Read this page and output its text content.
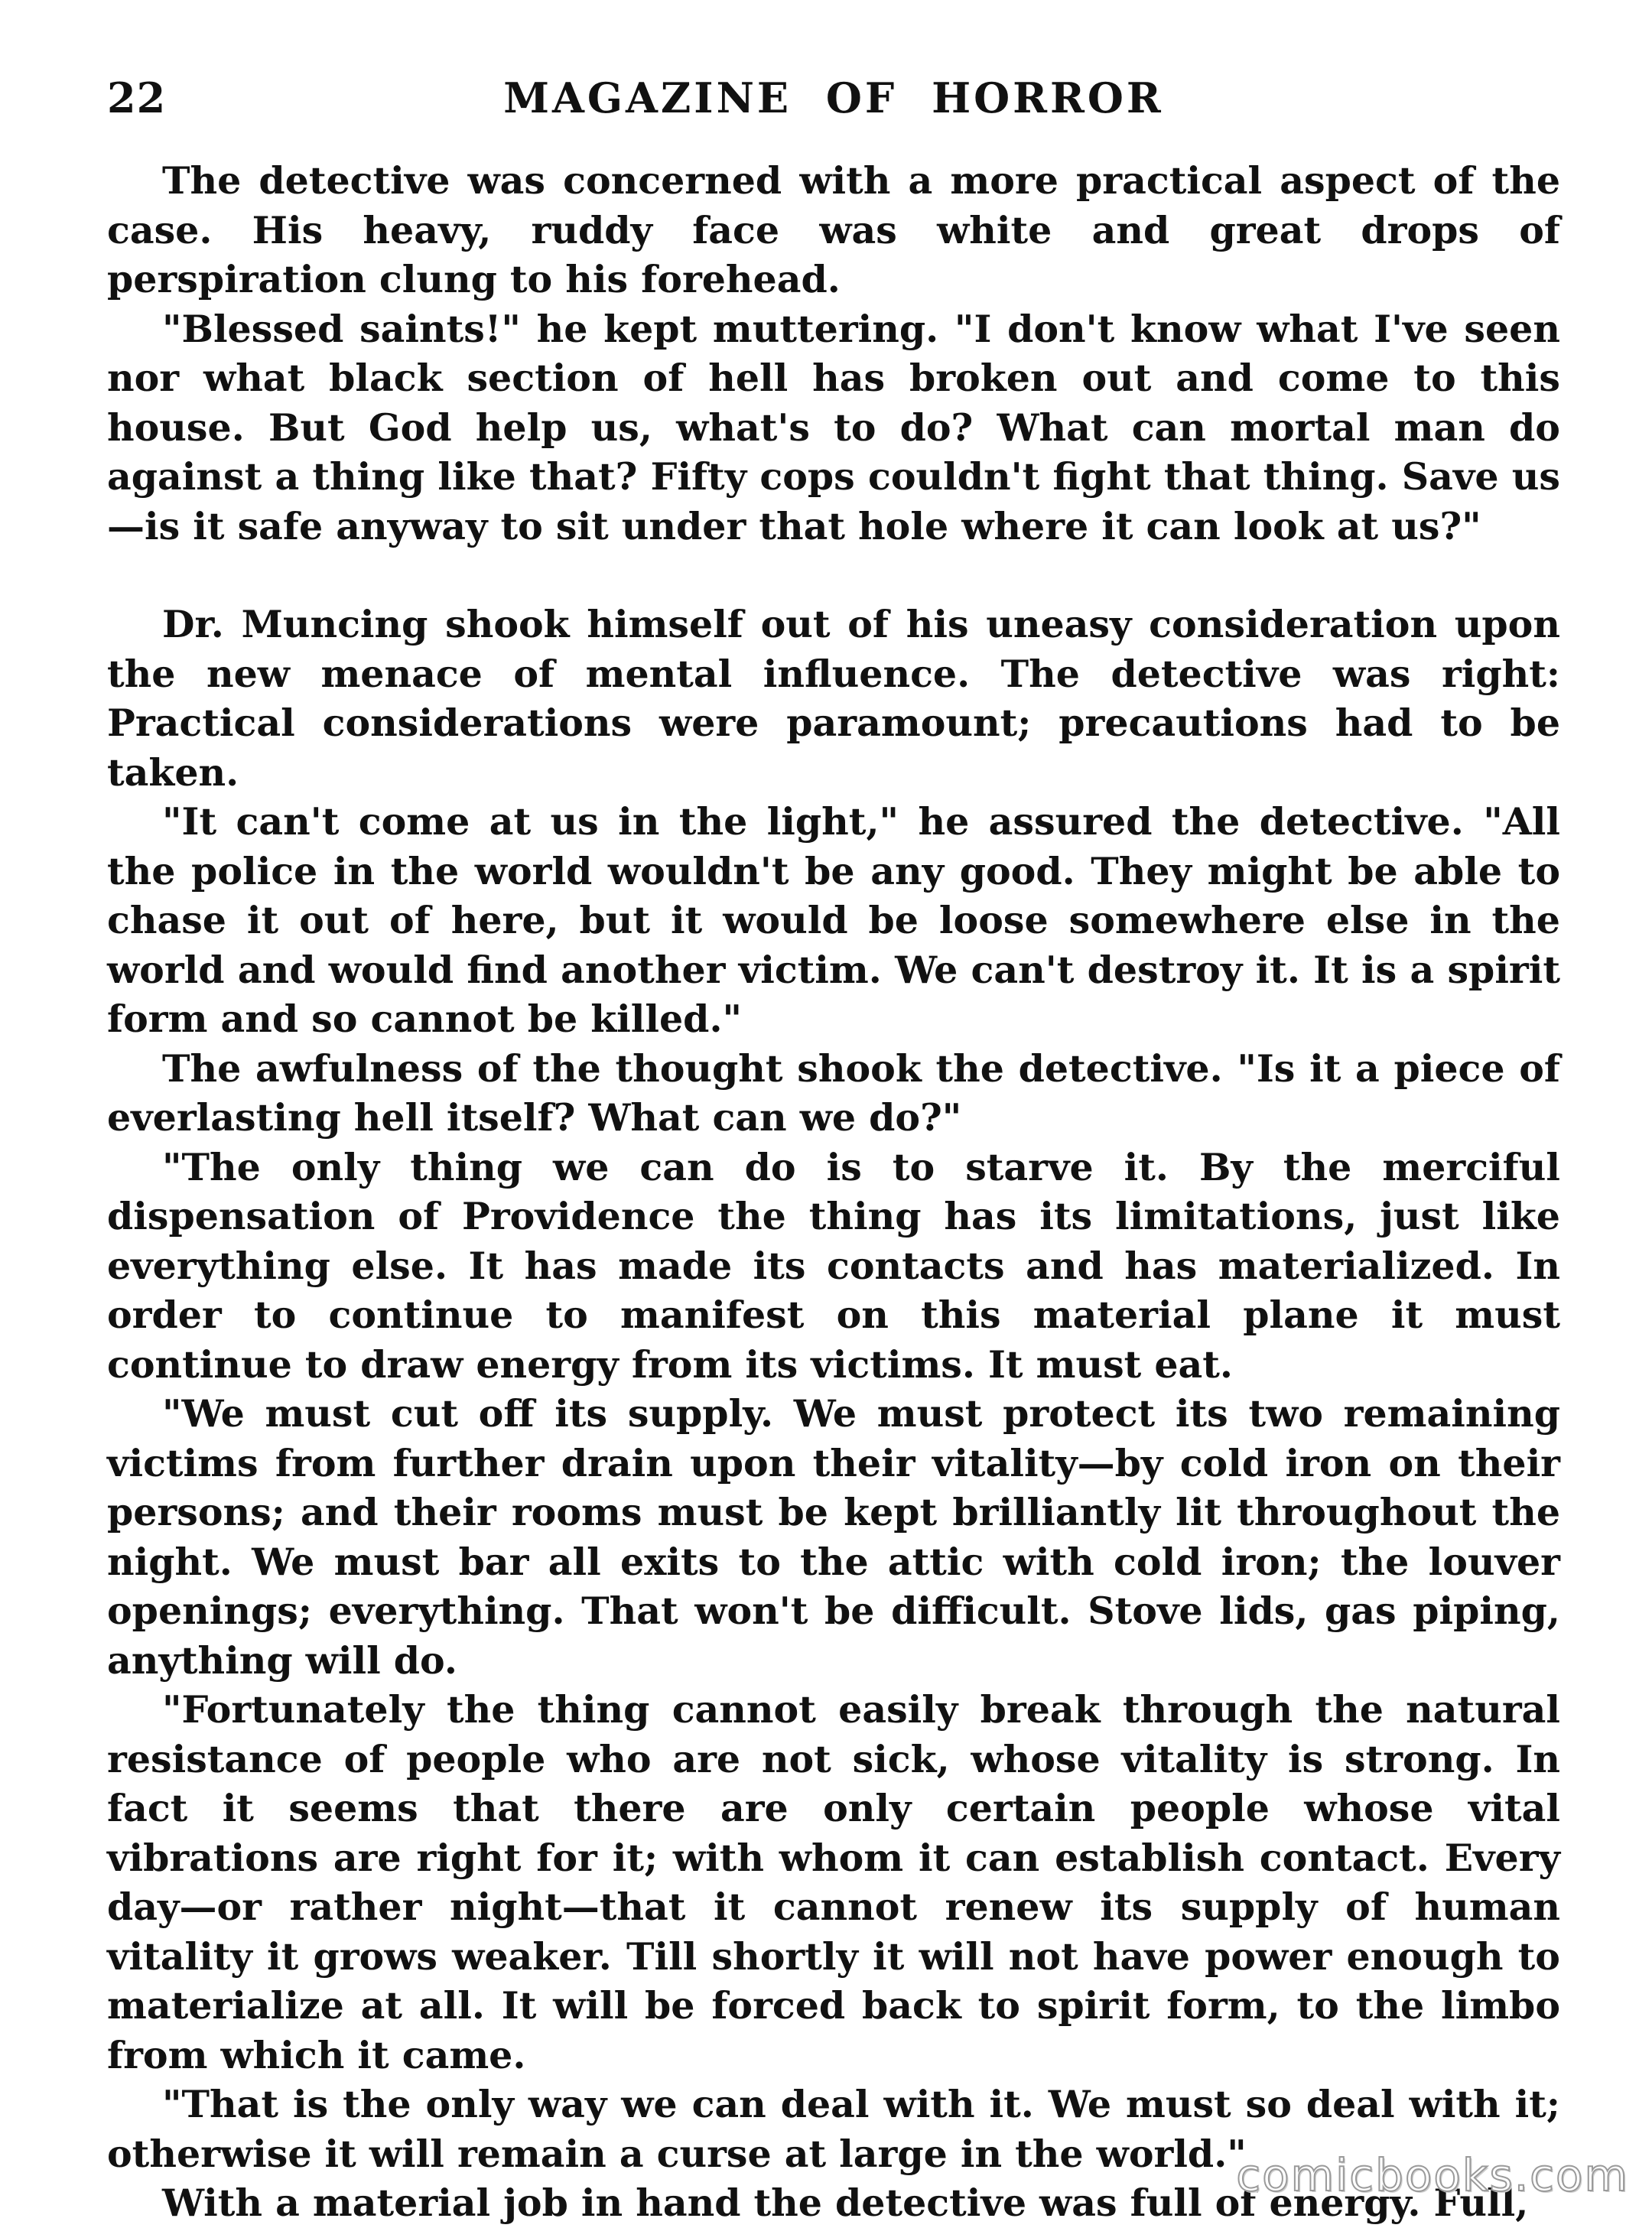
22	MAGAZINE OF HORROR

The detective was concerned with a more practical aspect of the case. His heavy, ruddy face was white and great drops of perspiration clung to his forehead.

"Blessed saints!" he kept muttering. "I don't know what I've seen nor what black section of hell has broken out and come to this house. But God help us, what's to do? What can mortal man do against a thing like that? Fifty cops couldn't fight that thing. Save us—is it safe anyway to sit under that hole where it can look at us?"

Dr. Muncing shook himself out of his uneasy consideration upon the new menace of mental influence. The detective was right: Practical considerations were paramount; precautions had to be taken.

"It can't come at us in the light," he assured the detective. "All the police in the world wouldn't be any good. They might be able to chase it out of here, but it would be loose somewhere else in the world and would find another victim. We can't destroy it. It is a spirit form and so cannot be killed."

The awfulness of the thought shook the detective. "Is it a piece of everlasting hell itself? What can we do?"

"The only thing we can do is to starve it. By the merciful dispensation of Providence the thing has its limitations, just like everything else. It has made its contacts and has materialized. In order to continue to manifest on this material plane it must continue to draw energy from its victims. It must eat.

"We must cut off its supply. We must protect its two remaining victims from further drain upon their vitality—by cold iron on their persons; and their rooms must be kept brilliantly lit throughout the night. We must bar all exits to the attic with cold iron; the louver openings; everything. That won't be difficult. Stove lids, gas piping, anything will do.

"Fortunately the thing cannot easily break through the natural resistance of people who are not sick, whose vitality is strong. In fact it seems that there are only certain people whose vital vibrations are right for it; with whom it can establish contact. Every day—or rather night—that it cannot renew its supply of human vitality it grows weaker. Till shortly it will not have power enough to materialize at all. It will be forced back to spirit form, to the limbo from which it came.

"That is the only way we can deal with it. We must so deal with it; otherwise it will remain a curse at large in the world."

With a material job in hand the detective was full of energy. Full,

comicbooks.com
